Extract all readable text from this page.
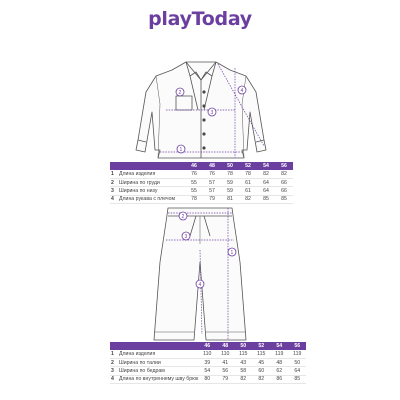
playToday
1
2
3
4
1
2
3
4
		46	48	50	52	54	56
1	Длина изделия	76	76	78	78	82	82
2	Ширина по груди	55	57	59	61	64	66
3	Ширина по низу	55	57	59	61	64	66
4	Длина рукава с плечом	78	79	81	82	85	85
		46	48	50	52	54	56
1	Длина изделия	110	110	115	115	119	119
2	Ширина по талии	39	41	43	45	48	50
3	Ширина по бедрам	54	56	58	60	62	64
4	Длина по внутреннему шву брюк	80	79	82	82	86	85
